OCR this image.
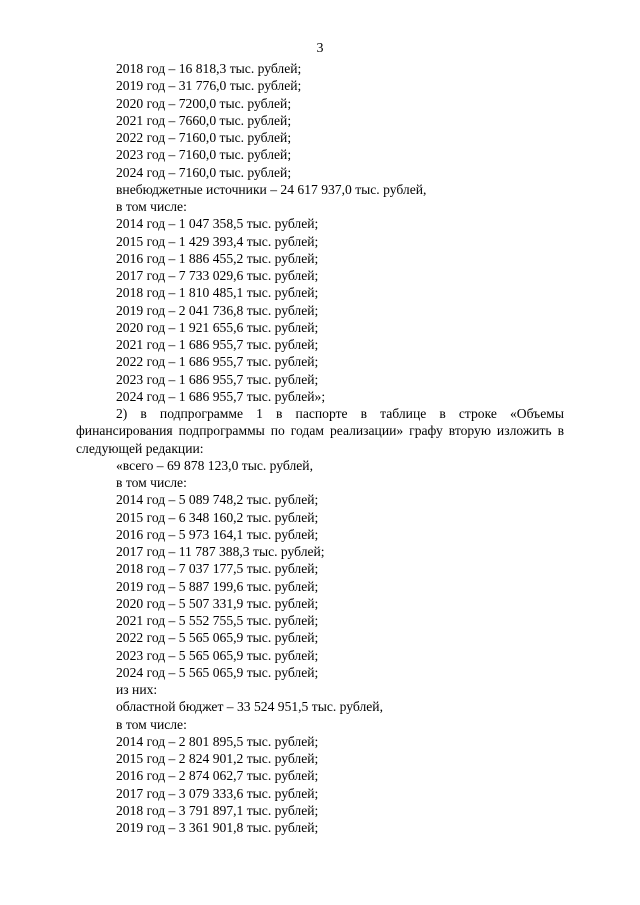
3
2018 год – 16 818,3 тыс. рублей;
2019 год – 31 776,0 тыс. рублей;
2020 год – 7200,0 тыс. рублей;
2021 год – 7660,0 тыс. рублей;
2022 год – 7160,0 тыс. рублей;
2023 год – 7160,0 тыс. рублей;
2024 год – 7160,0 тыс. рублей;
внебюджетные источники – 24 617 937,0 тыс. рублей,
в том числе:
2014 год – 1 047 358,5 тыс. рублей;
2015 год – 1 429 393,4 тыс. рублей;
2016 год – 1 886 455,2 тыс. рублей;
2017 год – 7 733 029,6 тыс. рублей;
2018 год – 1 810 485,1 тыс. рублей;
2019 год – 2 041 736,8 тыс. рублей;
2020 год – 1 921 655,6 тыс. рублей;
2021 год – 1 686 955,7 тыс. рублей;
2022 год – 1 686 955,7 тыс. рублей;
2023 год – 1 686 955,7 тыс. рублей;
2024 год – 1 686 955,7 тыс. рублей»;

2) в подпрограмме 1 в паспорте в таблице в строке «Объемы финансирования подпрограммы по годам реализации» графу вторую изложить в следующей редакции:

«всего – 69 878 123,0 тыс. рублей,
в том числе:
2014 год – 5 089 748,2 тыс. рублей;
2015 год – 6 348 160,2 тыс. рублей;
2016 год – 5 973 164,1 тыс. рублей;
2017 год – 11 787 388,3 тыс. рублей;
2018 год – 7 037 177,5 тыс. рублей;
2019 год – 5 887 199,6 тыс. рублей;
2020 год – 5 507 331,9 тыс. рублей;
2021 год – 5 552 755,5 тыс. рублей;
2022 год – 5 565 065,9 тыс. рублей;
2023 год – 5 565 065,9 тыс. рублей;
2024 год – 5 565 065,9 тыс. рублей;
из них:
областной бюджет – 33 524 951,5 тыс. рублей,
в том числе:
2014 год – 2 801 895,5 тыс. рублей;
2015 год – 2 824 901,2 тыс. рублей;
2016 год – 2 874 062,7 тыс. рублей;
2017 год – 3 079 333,6 тыс. рублей;
2018 год – 3 791 897,1 тыс. рублей;
2019 год – 3 361 901,8 тыс. рублей;
